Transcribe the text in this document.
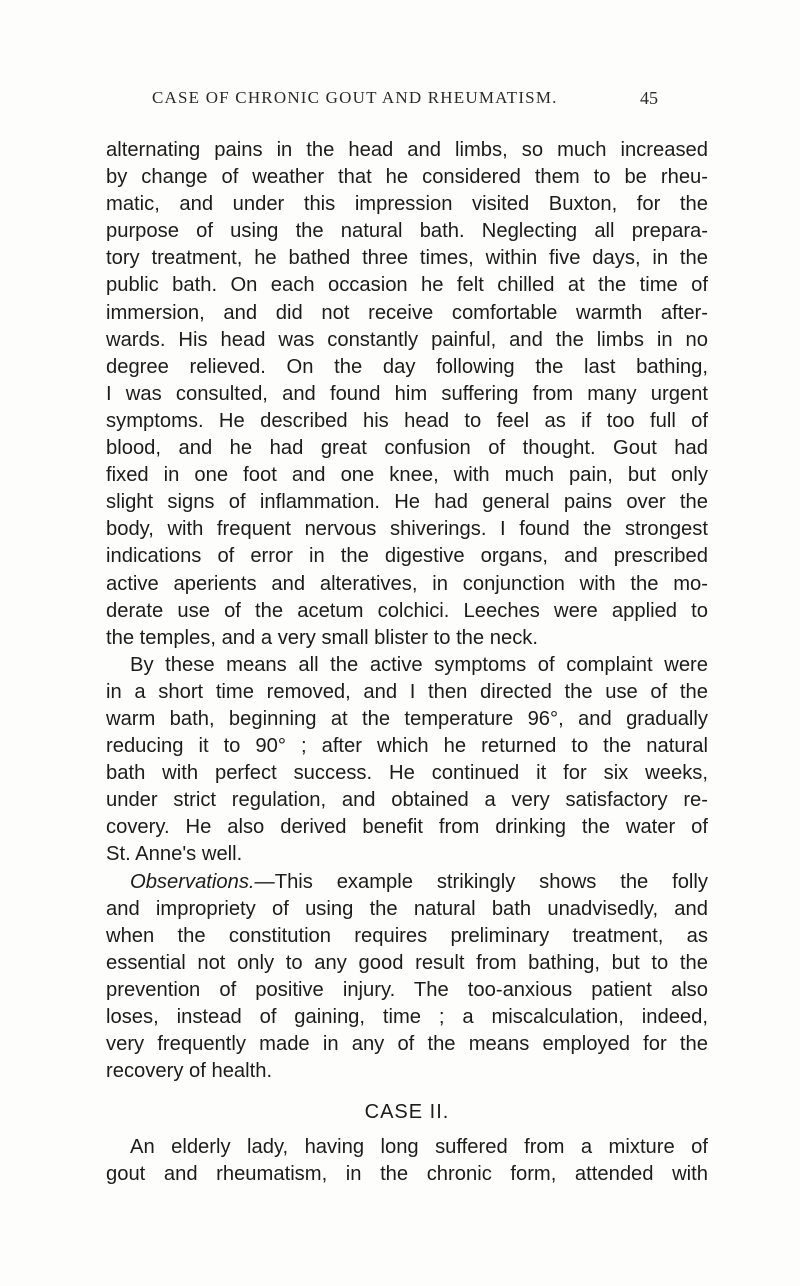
CASE OF CHRONIC GOUT AND RHEUMATISM.	45
alternating pains in the head and limbs, so much increased
by change of weather that he considered them to be rheu-
matic, and under this impression visited Buxton, for the
purpose of using the natural bath. Neglecting all prepara-
tory treatment, he bathed three times, within five days, in the
public bath. On each occasion he felt chilled at the time of
immersion, and did not receive comfortable warmth after-
wards. His head was constantly painful, and the limbs in no
degree relieved. On the day following the last bathing,
I was consulted, and found him suffering from many urgent
symptoms. He described his head to feel as if too full of
blood, and he had great confusion of thought. Gout had
fixed in one foot and one knee, with much pain, but only
slight signs of inflammation. He had general pains over the
body, with frequent nervous shiverings. I found the strongest
indications of error in the digestive organs, and prescribed
active aperients and alteratives, in conjunction with the mo-
derate use of the acetum colchici. Leeches were applied to
the temples, and a very small blister to the neck.
By these means all the active symptoms of complaint were
in a short time removed, and I then directed the use of the
warm bath, beginning at the temperature 96°, and gradually
reducing it to 90° ; after which he returned to the natural
bath with perfect success. He continued it for six weeks,
under strict regulation, and obtained a very satisfactory re-
covery. He also derived benefit from drinking the water of
St. Anne's well.
Observations.—This example strikingly shows the folly
and impropriety of using the natural bath unadvisedly, and
when the constitution requires preliminary treatment, as
essential not only to any good result from bathing, but to the
prevention of positive injury. The too-anxious patient also
loses, instead of gaining, time ; a miscalculation, indeed,
very frequently made in any of the means employed for the
recovery of health.
CASE II.
An elderly lady, having long suffered from a mixture of
gout and rheumatism, in the chronic form, attended with
